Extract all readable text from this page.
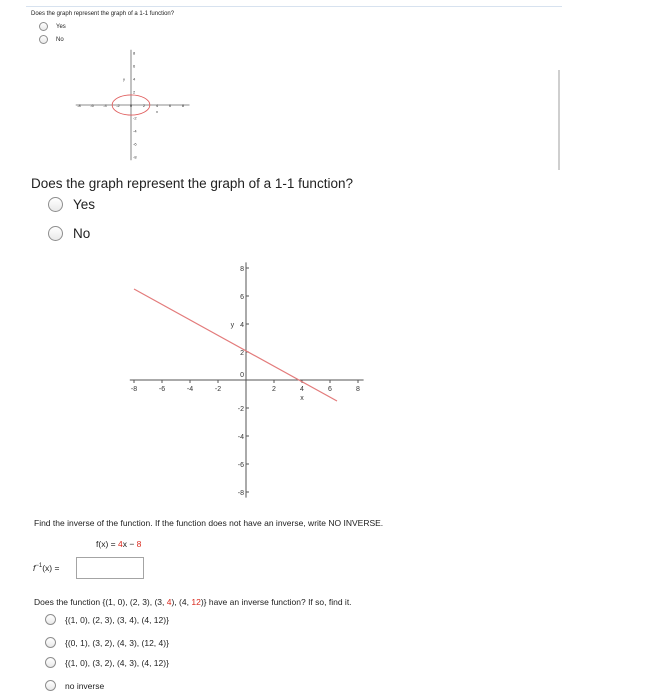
Does the graph represent the graph of a 1-1 function?
Yes
No
-8 -6 -4 -2	0	2	4	6	8
8
6
4
2
-2
-4
-6
-8
y
x
Does the graph represent the graph of a 1-1 function?
Yes
No
-8	-6	-4	-2	2	4	6	8
8
6
4
2
-2
-4
-6
-8
0
y
x
Find the inverse of the function. If the function does not have an inverse, write NO INVERSE.
f(x) = 4x − 8
$f^{-1}(x)$ =
Does the function {(1, 0), (2, 3), (3, 4), (4, 12)} have an inverse function? If so, find it.
{(1, 0), (2, 3), (3, 4), (4, 12)}
{(0, 1), (3, 2), (4, 3), (12, 4)}
{(1, 0), (3, 2), (4, 3), (4, 12)}
no inverse
